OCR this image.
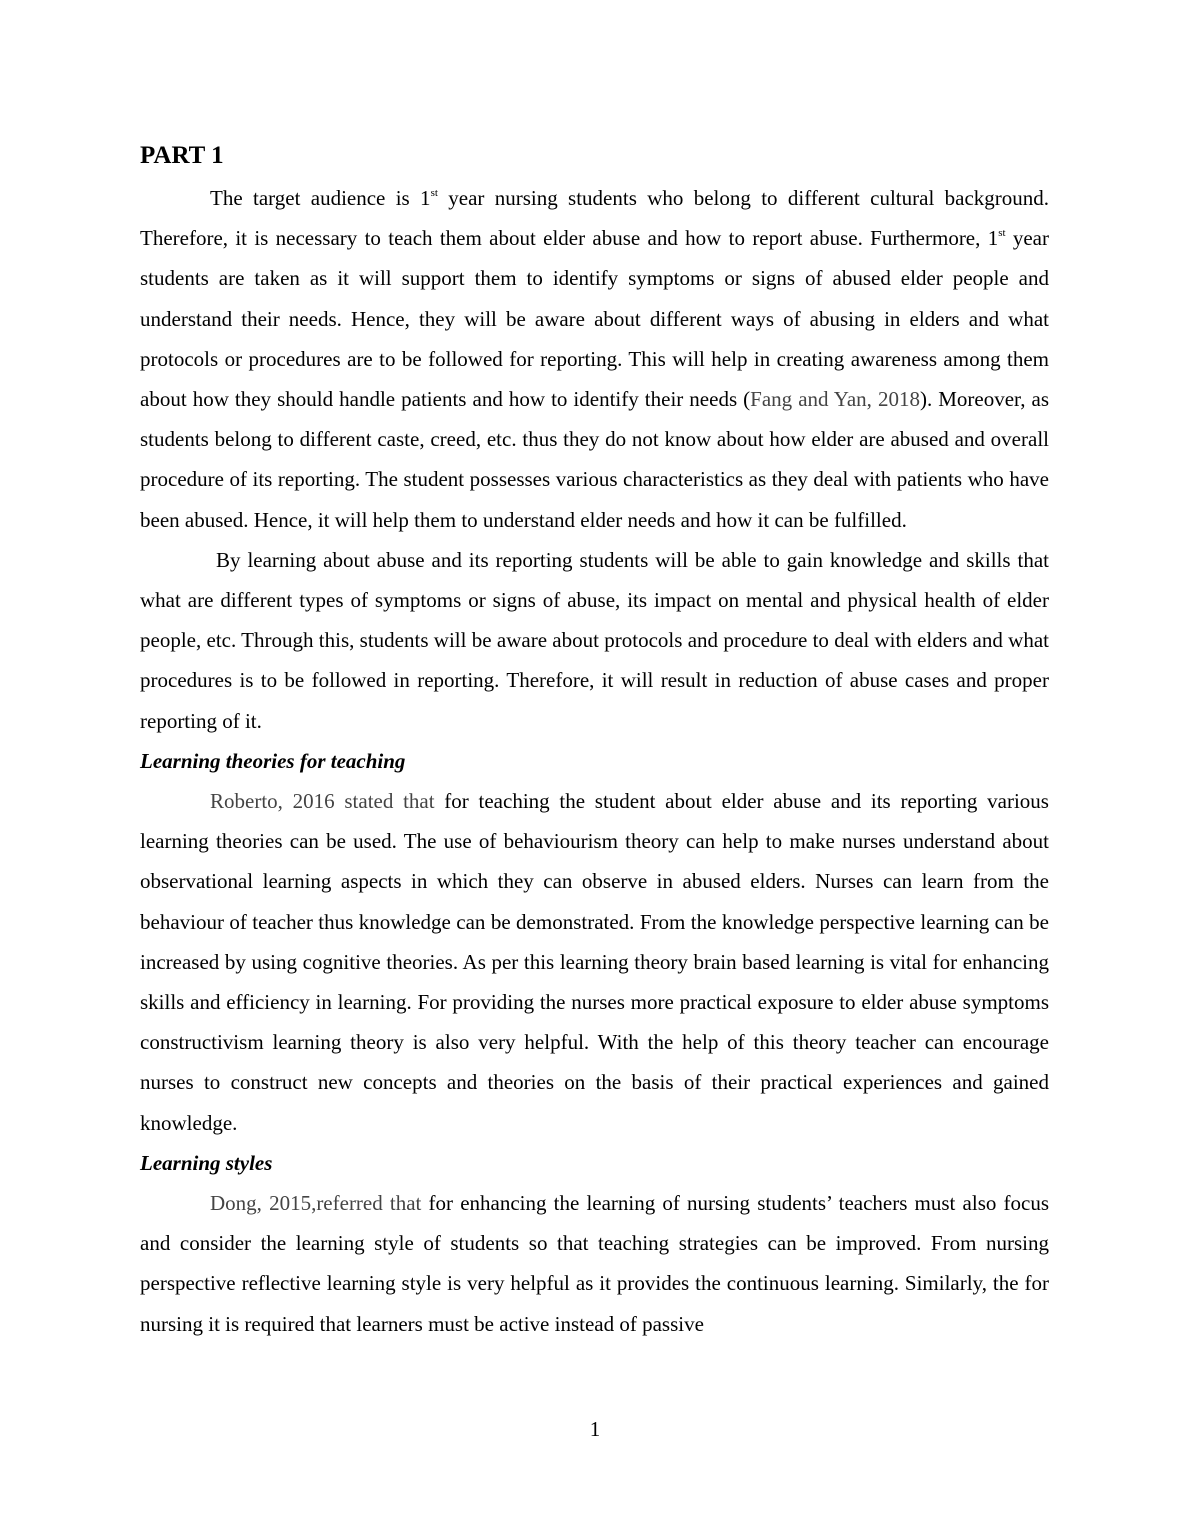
PART 1

The target audience is 1st year nursing students who belong to different cultural background. Therefore, it is necessary to teach them about elder abuse and how to report abuse. Furthermore, 1st year students are taken as it will support them to identify symptoms or signs of abused elder people and understand their needs. Hence, they will be aware about different ways of abusing in elders and what protocols or procedures are to be followed for reporting. This will help in creating awareness among them about how they should handle patients and how to identify their needs (Fang and Yan, 2018). Moreover, as students belong to different caste, creed, etc. thus they do not know about how elder are abused and overall procedure of its reporting. The student possesses various characteristics as they deal with patients who have been abused. Hence, it will help them to understand elder needs and how it can be fulfilled.

By learning about abuse and its reporting students will be able to gain knowledge and skills that what are different types of symptoms or signs of abuse, its impact on mental and physical health of elder people, etc. Through this, students will be aware about protocols and procedure to deal with elders and what procedures is to be followed in reporting. Therefore, it will result in reduction of abuse cases and proper reporting of it.

Learning theories for teaching

Roberto, 2016 stated that for teaching the student about elder abuse and its reporting various learning theories can be used. The use of behaviourism theory can help to make nurses understand about observational learning aspects in which they can observe in abused elders. Nurses can learn from the behaviour of teacher thus knowledge can be demonstrated. From the knowledge perspective learning can be increased by using cognitive theories. As per this learning theory brain based learning is vital for enhancing skills and efficiency in learning. For providing the nurses more practical exposure to elder abuse symptoms constructivism learning theory is also very helpful. With the help of this theory teacher can encourage nurses to construct new concepts and theories on the basis of their practical experiences and gained knowledge.

Learning styles

Dong, 2015,referred that for enhancing the learning of nursing students’ teachers must also focus and consider the learning style of students so that teaching strategies can be improved. From nursing perspective reflective learning style is very helpful as it provides the continuous learning. Similarly, the for nursing it is required that learners must be active instead of passive

1
